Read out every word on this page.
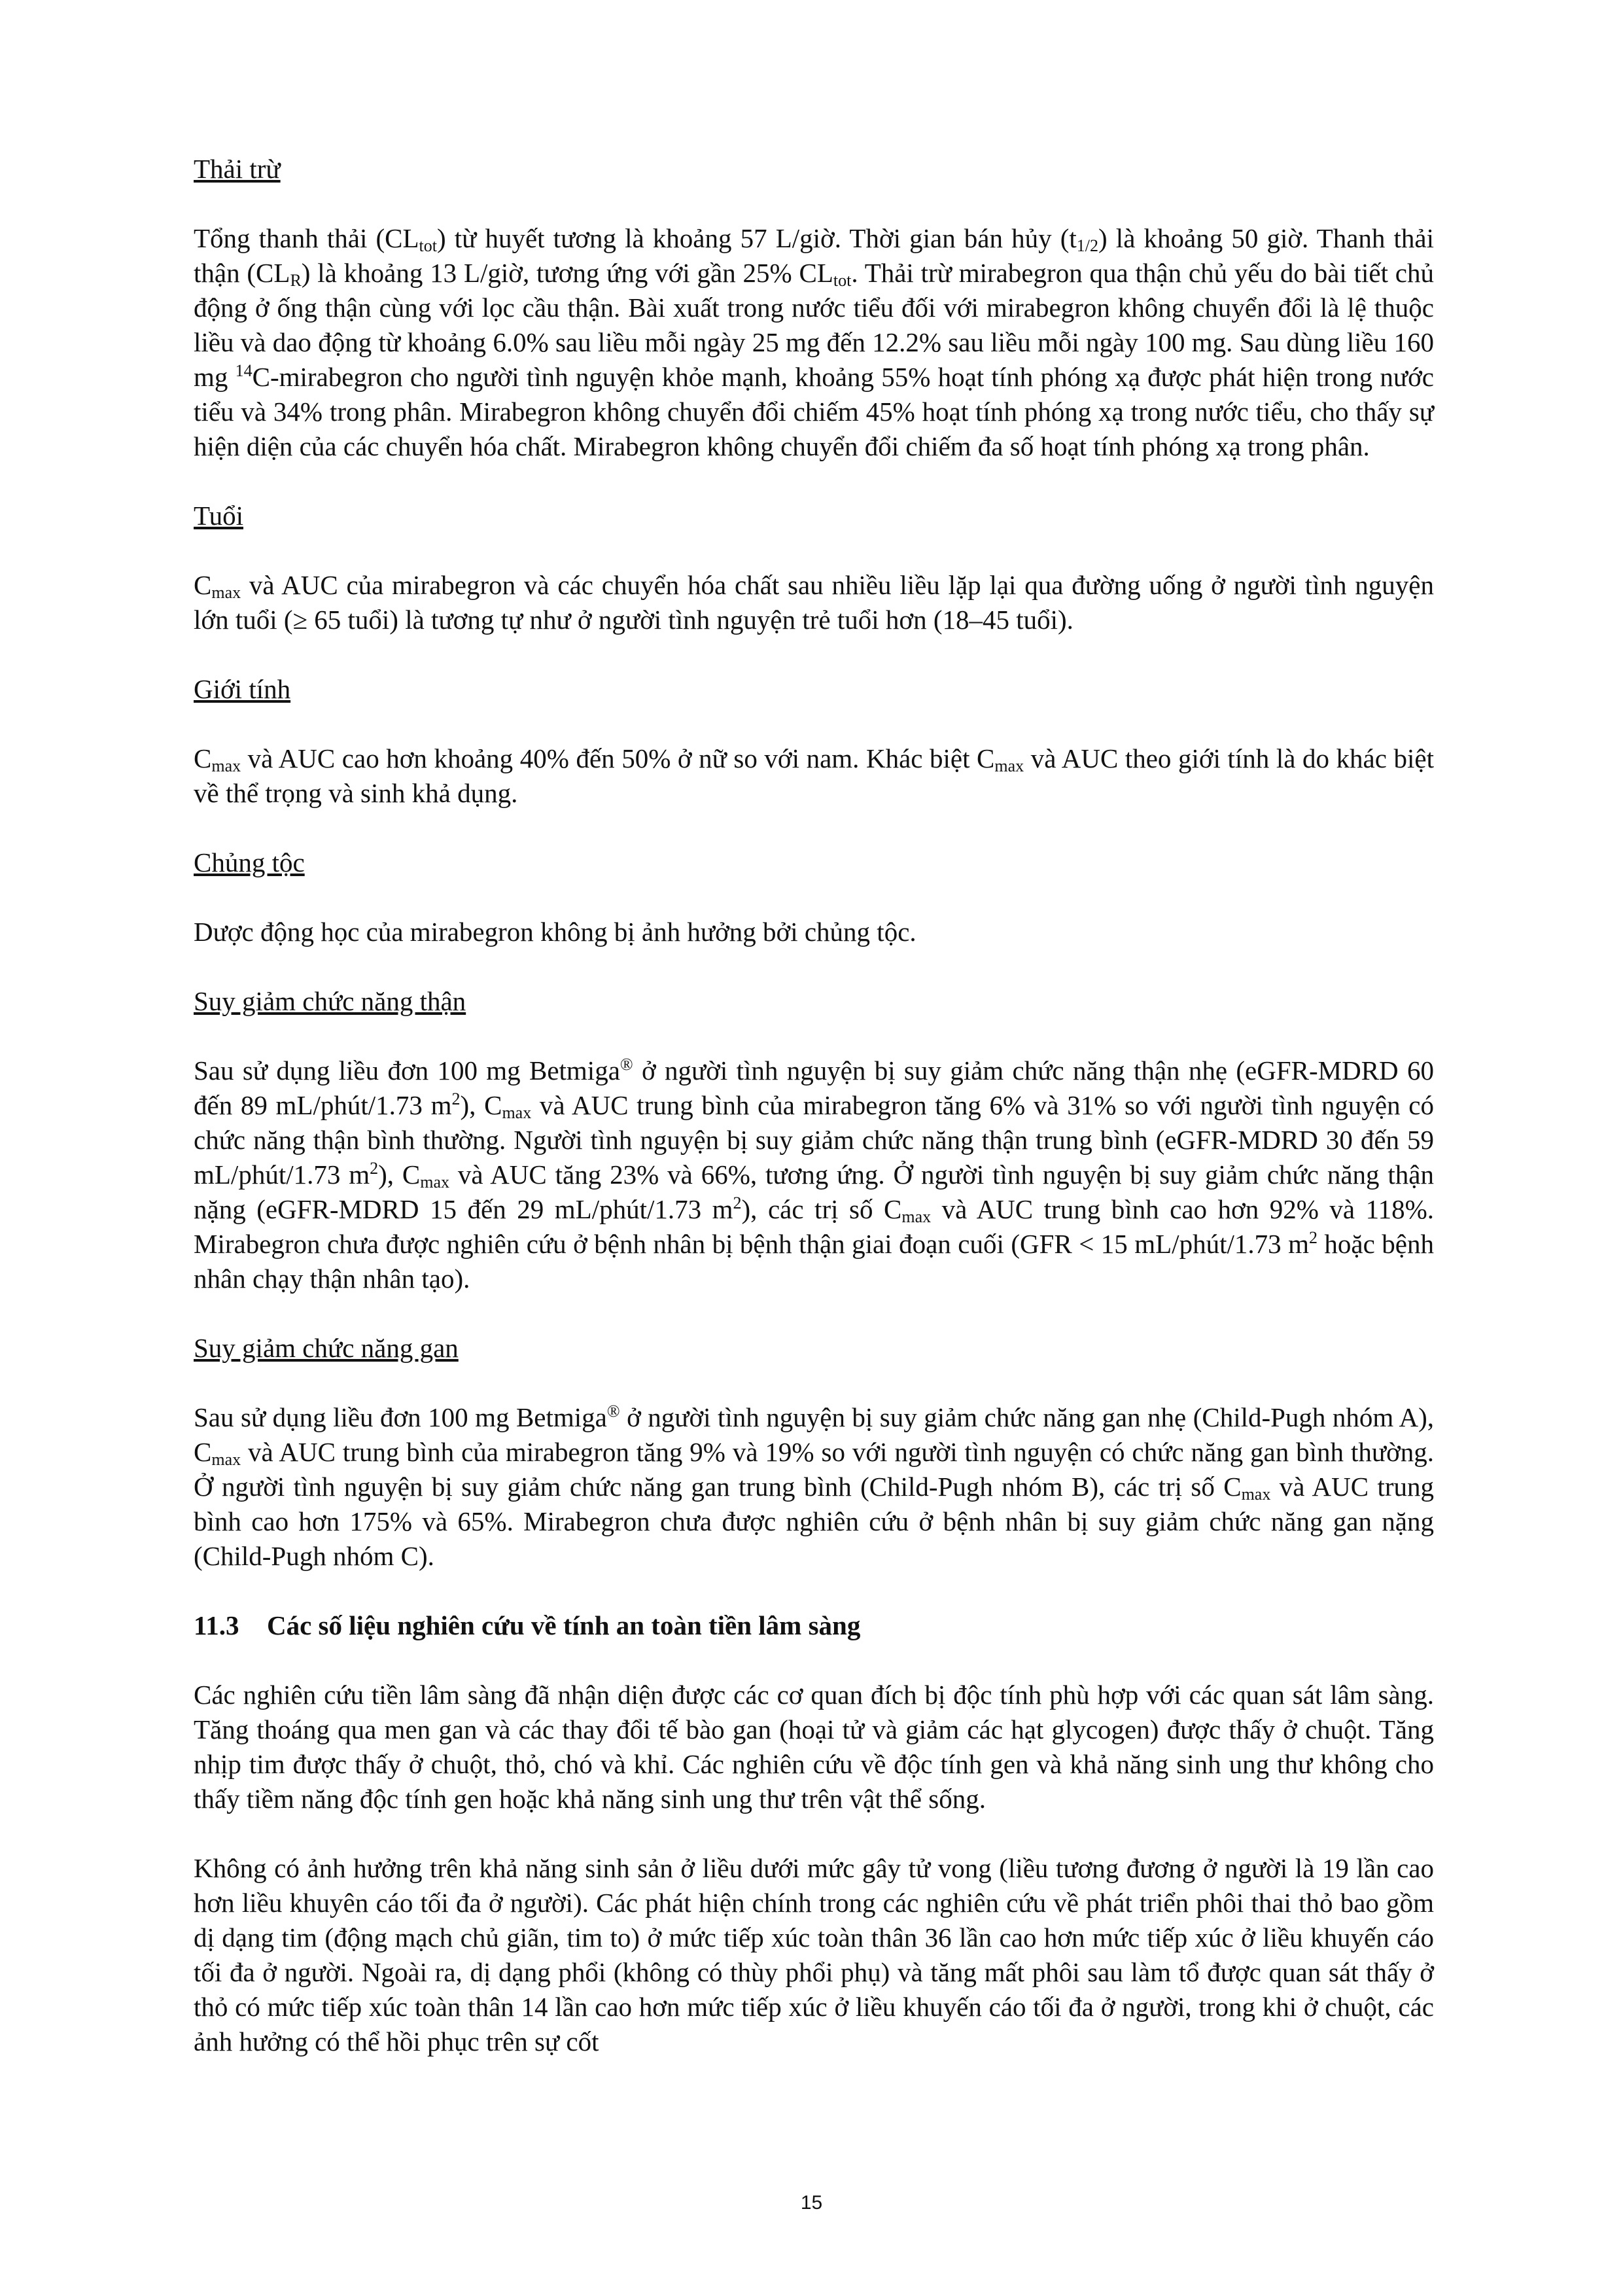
Thải trừ

Tổng thanh thải $(CL_{tot})$ từ huyết tương là khoảng 57 L/giờ. Thời gian bán hủy $(t_{1/2})$ là khoảng 50 giờ. Thanh thải thận $(CL_R)$ là khoảng 13 L/giờ, tương ứng với gần 25% $CL_{tot}$. Thải trừ mirabegron qua thận chủ yếu do bài tiết chủ động ở ống thận cùng với lọc cầu thận. Bài xuất trong nước tiểu đối với mirabegron không chuyển đổi là lệ thuộc liều và dao động từ khoảng 6.0% sau liều mỗi ngày 25 mg đến 12.2% sau liều mỗi ngày 100 mg. Sau dùng liều 160 mg $^{14}$C-mirabegron cho người tình nguyện khỏe mạnh, khoảng 55% hoạt tính phóng xạ được phát hiện trong nước tiểu và 34% trong phân. Mirabegron không chuyển đổi chiếm 45% hoạt tính phóng xạ trong nước tiểu, cho thấy sự hiện diện của các chuyển hóa chất. Mirabegron không chuyển đổi chiếm đa số hoạt tính phóng xạ trong phân.

Tuổi

$C_{max}$ và AUC của mirabegron và các chuyển hóa chất sau nhiều liều lặp lại qua đường uống ở người tình nguyện lớn tuổi (≥ 65 tuổi) là tương tự như ở người tình nguyện trẻ tuổi hơn (18–45 tuổi).

Giới tính

$C_{max}$ và AUC cao hơn khoảng 40% đến 50% ở nữ so với nam. Khác biệt $C_{max}$ và AUC theo giới tính là do khác biệt về thể trọng và sinh khả dụng.

Chủng tộc

Dược động học của mirabegron không bị ảnh hưởng bởi chủng tộc.

Suy giảm chức năng thận

Sau sử dụng liều đơn 100 mg Betmiga® ở người tình nguyện bị suy giảm chức năng thận nhẹ (eGFR-MDRD 60 đến 89 mL/phút/1.73 $m^2$), $C_{max}$ và AUC trung bình của mirabegron tăng 6% và 31% so với người tình nguyện có chức năng thận bình thường. Người tình nguyện bị suy giảm chức năng thận trung bình (eGFR-MDRD 30 đến 59 mL/phút/1.73 $m^2$), $C_{max}$ và AUC tăng 23% và 66%, tương ứng. Ở người tình nguyện bị suy giảm chức năng thận nặng (eGFR-MDRD 15 đến 29 mL/phút/1.73 $m^2$), các trị số $C_{max}$ và AUC trung bình cao hơn 92% và 118%. Mirabegron chưa được nghiên cứu ở bệnh nhân bị bệnh thận giai đoạn cuối (GFR < 15 mL/phút/1.73 $m^2$ hoặc bệnh nhân chạy thận nhân tạo).

Suy giảm chức năng gan

Sau sử dụng liều đơn 100 mg Betmiga® ở người tình nguyện bị suy giảm chức năng gan nhẹ (Child-Pugh nhóm A), $C_{max}$ và AUC trung bình của mirabegron tăng 9% và 19% so với người tình nguyện có chức năng gan bình thường. Ở người tình nguyện bị suy giảm chức năng gan trung bình (Child-Pugh nhóm B), các trị số $C_{max}$ và AUC trung bình cao hơn 175% và 65%. Mirabegron chưa được nghiên cứu ở bệnh nhân bị suy giảm chức năng gan nặng (Child-Pugh nhóm C).

11.3 Các số liệu nghiên cứu về tính an toàn tiền lâm sàng

Các nghiên cứu tiền lâm sàng đã nhận diện được các cơ quan đích bị độc tính phù hợp với các quan sát lâm sàng. Tăng thoáng qua men gan và các thay đổi tế bào gan (hoại tử và giảm các hạt glycogen) được thấy ở chuột. Tăng nhịp tim được thấy ở chuột, thỏ, chó và khỉ. Các nghiên cứu về độc tính gen và khả năng sinh ung thư không cho thấy tiềm năng độc tính gen hoặc khả năng sinh ung thư trên vật thể sống.

Không có ảnh hưởng trên khả năng sinh sản ở liều dưới mức gây tử vong (liều tương đương ở người là 19 lần cao hơn liều khuyên cáo tối đa ở người). Các phát hiện chính trong các nghiên cứu về phát triển phôi thai thỏ bao gồm dị dạng tim (động mạch chủ giãn, tim to) ở mức tiếp xúc toàn thân 36 lần cao hơn mức tiếp xúc ở liều khuyến cáo tối đa ở người. Ngoài ra, dị dạng phổi (không có thùy phổi phụ) và tăng mất phôi sau làm tổ được quan sát thấy ở thỏ có mức tiếp xúc toàn thân 14 lần cao hơn mức tiếp xúc ở liều khuyến cáo tối đa ở người, trong khi ở chuột, các ảnh hưởng có thể hồi phục trên sự cốt

15
